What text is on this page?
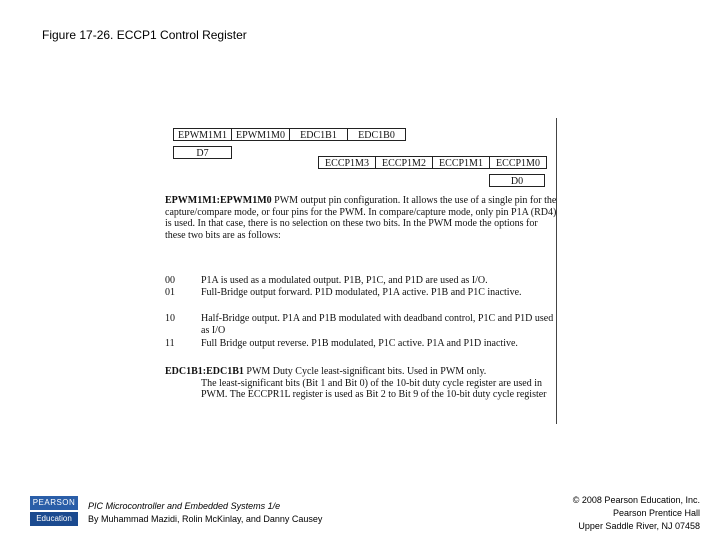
Figure 17-26. ECCP1 Control Register
EPWM1M1 EPWM1M0	EDC1B1	EDC1B0
D7
ECCP1M3	ECCP1M2	ECCP1M1	ECCP1M0
D0
EPWM1M1:EPWM1M0 PWM output pin configuration. It allows the use of a single pin for the capture/compare mode, or four pins for the PWM. In compare/capture mode, only pin P1A (RD4) is used. In that case, there is no selection on these two bits. In the PWM mode the options for these two bits are as follows:
00	P1A is used as a modulated output. P1B, P1C, and P1D are used as I/O.
01	Full-Bridge output forward. P1D modulated, P1A active. P1B and P1C inactive.
10	Half-Bridge output. P1A and P1B modulated with deadband control, P1C and P1D used as I/O
11	Full Bridge output reverse. P1B modulated, P1C active. P1A and P1D inactive.
EDC1B1:EDC1B1 PWM Duty Cycle least-significant bits. Used in PWM only.
The least-significant bits (Bit 1 and Bit 0) of the 10-bit duty cycle register are used in PWM. The ECCPR1L register is used as Bit 2 to Bit 9 of the 10-bit duty cycle register
PEARSON
Education
PIC Microcontroller and Embedded Systems 1/e
By Muhammad Mazidi, Rolin McKinlay, and Danny Causey
© 2008 Pearson Education, Inc.
Pearson Prentice Hall
Upper Saddle River, NJ 07458
